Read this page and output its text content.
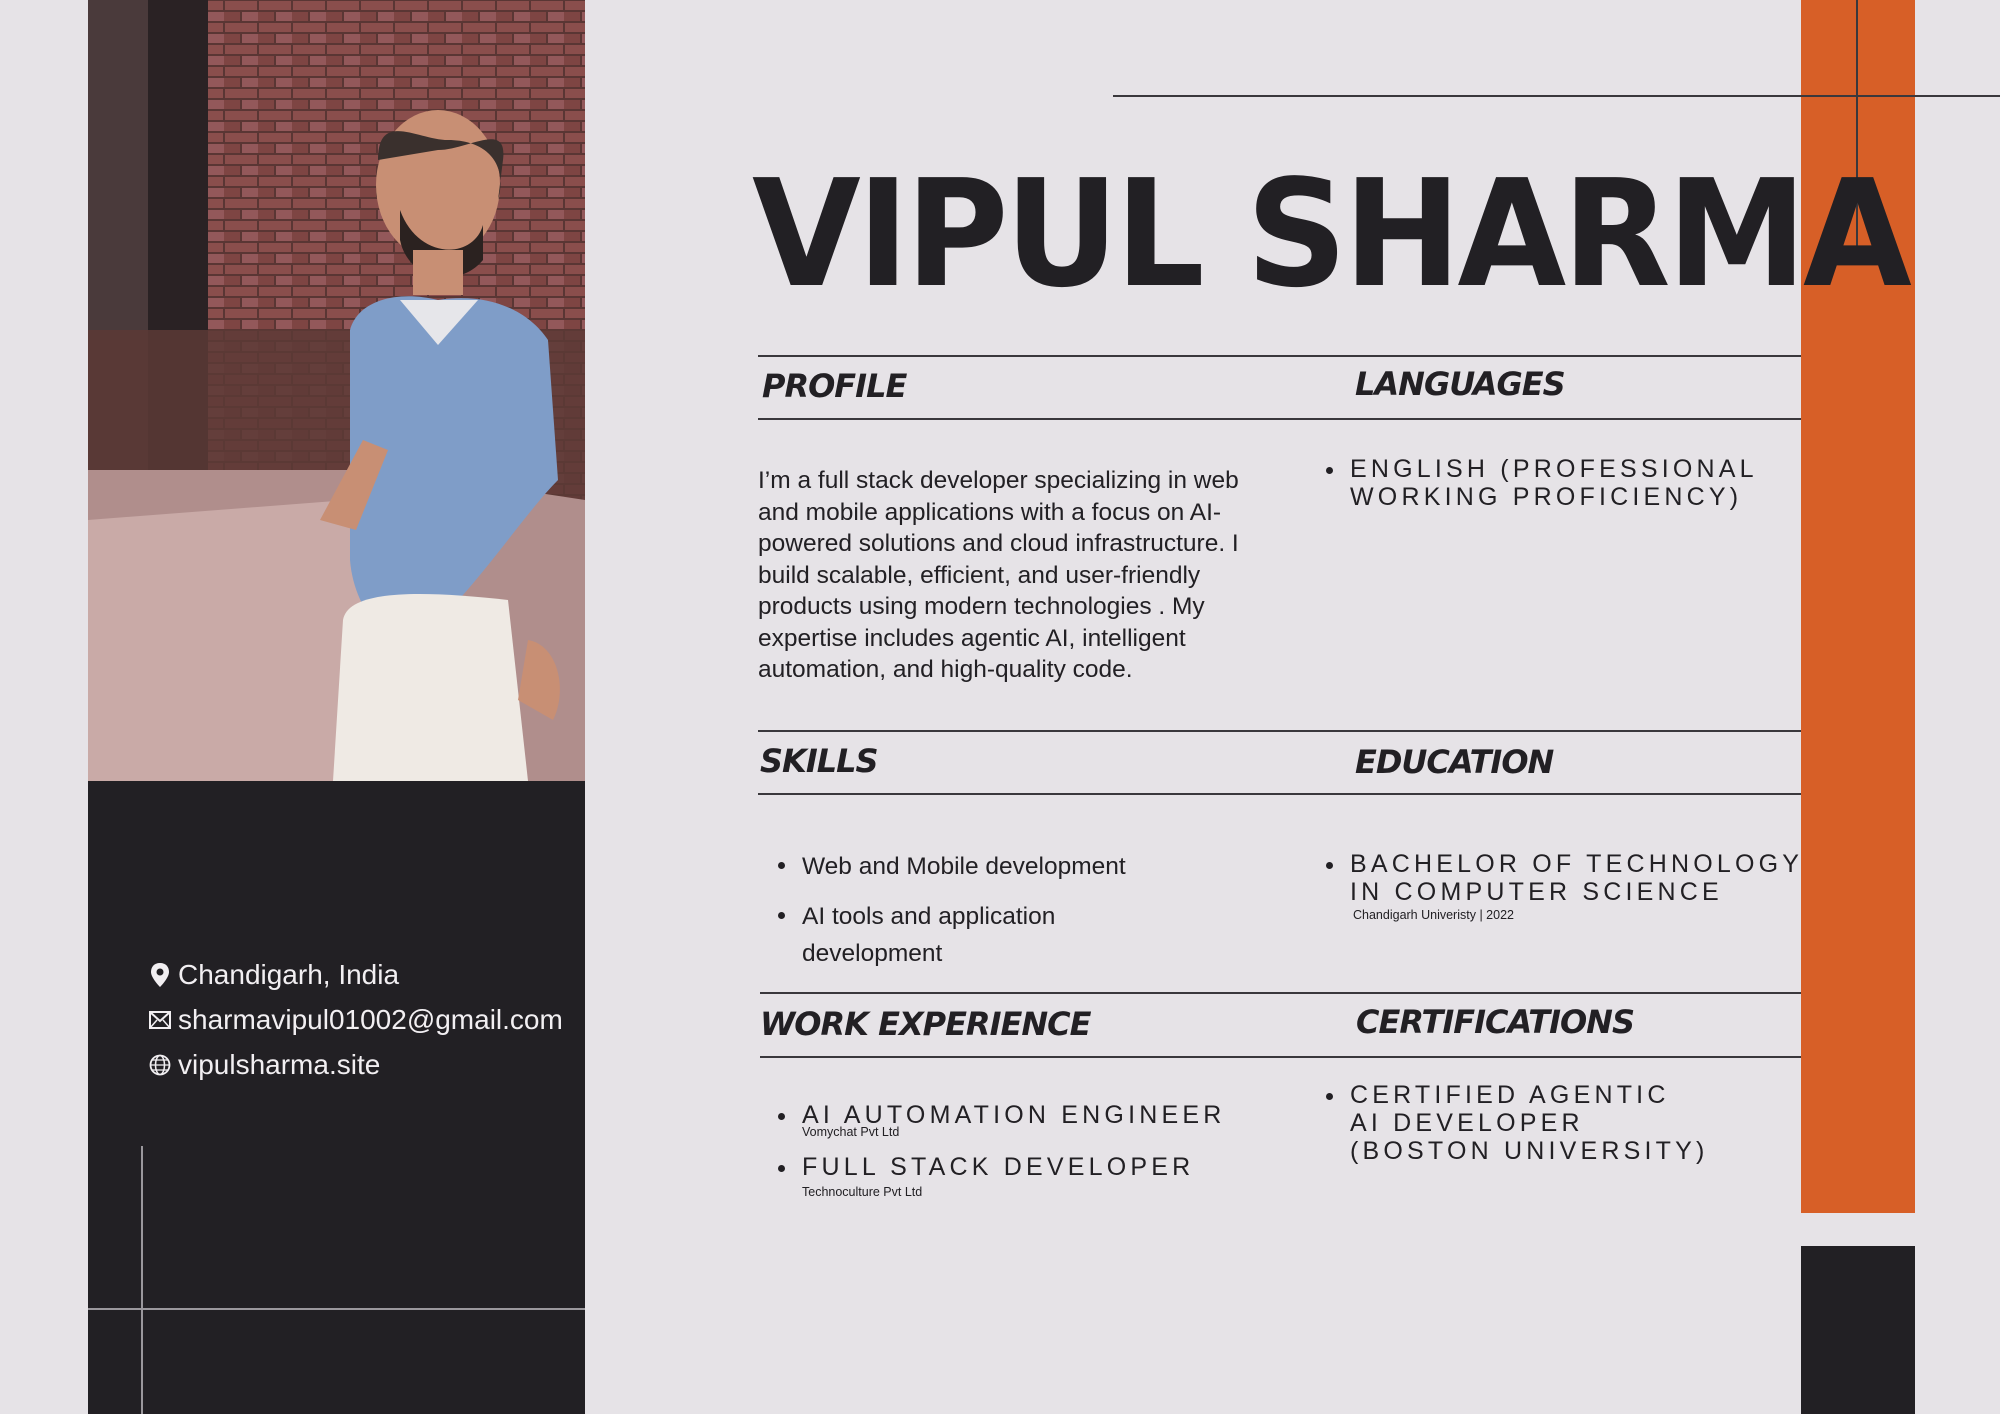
Chandigarh, India
sharmavipul01002@gmail.com
vipulsharma.site
VIPUL SHARMA
PROFILE
I’m a full stack developer specializing in web and mobile applications with a focus on AI-powered solutions and cloud infrastructure. I build scalable, efficient, and user-friendly products using modern technologies . My expertise includes agentic AI, intelligent automation, and high-quality code.
LANGUAGES
ENGLISH (PROFESSIONAL WORKING PROFICIENCY)
SKILLS
Web and Mobile development
AI tools and application development
EDUCATION
BACHELOR OF TECHNOLOGY IN COMPUTER SCIENCE
Chandigarh Univeristy | 2022
WORK EXPERIENCE
AI AUTOMATION ENGINEER
Vomychat Pvt Ltd
FULL STACK DEVELOPER
Technoculture Pvt Ltd
CERTIFICATIONS
CERTIFIED AGENTIC AI DEVELOPER (BOSTON UNIVERSITY)
